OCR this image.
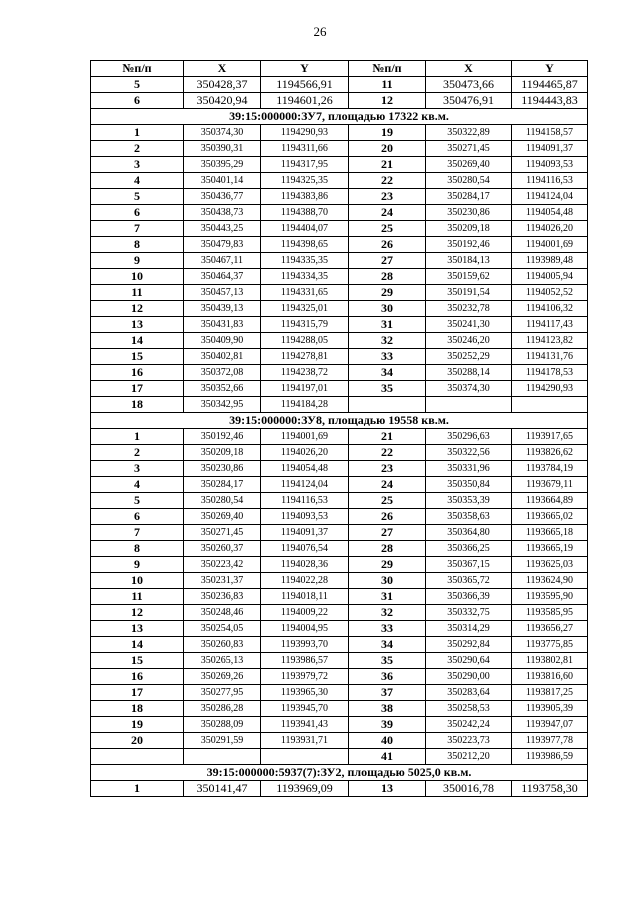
26
№п/п	X	Y	№п/п	X	Y
5	350428,37	1194566,91	11	350473,66	1194465,87
6	350420,94	1194601,26	12	350476,91	1194443,83
39:15:000000:ЗУ7, площадью 17322 кв.м.					
1	350374,30	1194290,93	19	350322,89	1194158,57
2	350390,31	1194311,66	20	350271,45	1194091,37
3	350395,29	1194317,95	21	350269,40	1194093,53
4	350401,14	1194325,35	22	350280,54	1194116,53
5	350436,77	1194383,86	23	350284,17	1194124,04
6	350438,73	1194388,70	24	350230,86	1194054,48
7	350443,25	1194404,07	25	350209,18	1194026,20
8	350479,83	1194398,65	26	350192,46	1194001,69
9	350467,11	1194335,35	27	350184,13	1193989,48
10	350464,37	1194334,35	28	350159,62	1194005,94
11	350457,13	1194331,65	29	350191,54	1194052,52
12	350439,13	1194325,01	30	350232,78	1194106,32
13	350431,83	1194315,79	31	350241,30	1194117,43
14	350409,90	1194288,05	32	350246,20	1194123,82
15	350402,81	1194278,81	33	350252,29	1194131,76
16	350372,08	1194238,72	34	350288,14	1194178,53
17	350352,66	1194197,01	35	350374,30	1194290,93
18	350342,95	1194184,28			
39:15:000000:ЗУ8, площадью 19558 кв.м.					
1	350192,46	1194001,69	21	350296,63	1193917,65
2	350209,18	1194026,20	22	350322,56	1193826,62
3	350230,86	1194054,48	23	350331,96	1193784,19
4	350284,17	1194124,04	24	350350,84	1193679,11
5	350280,54	1194116,53	25	350353,39	1193664,89
6	350269,40	1194093,53	26	350358,63	1193665,02
7	350271,45	1194091,37	27	350364,80	1193665,18
8	350260,37	1194076,54	28	350366,25	1193665,19
9	350223,42	1194028,36	29	350367,15	1193625,03
10	350231,37	1194022,28	30	350365,72	1193624,90
11	350236,83	1194018,11	31	350366,39	1193595,90
12	350248,46	1194009,22	32	350332,75	1193585,95
13	350254,05	1194004,95	33	350314,29	1193656,27
14	350260,83	1193993,70	34	350292,84	1193775,85
15	350265,13	1193986,57	35	350290,64	1193802,81
16	350269,26	1193979,72	36	350290,00	1193816,60
17	350277,95	1193965,30	37	350283,64	1193817,25
18	350286,28	1193945,70	38	350258,53	1193905,39
19	350288,09	1193941,43	39	350242,24	1193947,07
20	350291,59	1193931,71	40	350223,73	1193977,78
			41	350212,20	1193986,59
39:15:000000:5937(7):ЗУ2, площадью 5025,0 кв.м.					
1	350141,47	1193969,09	13	350016,78	1193758,30
